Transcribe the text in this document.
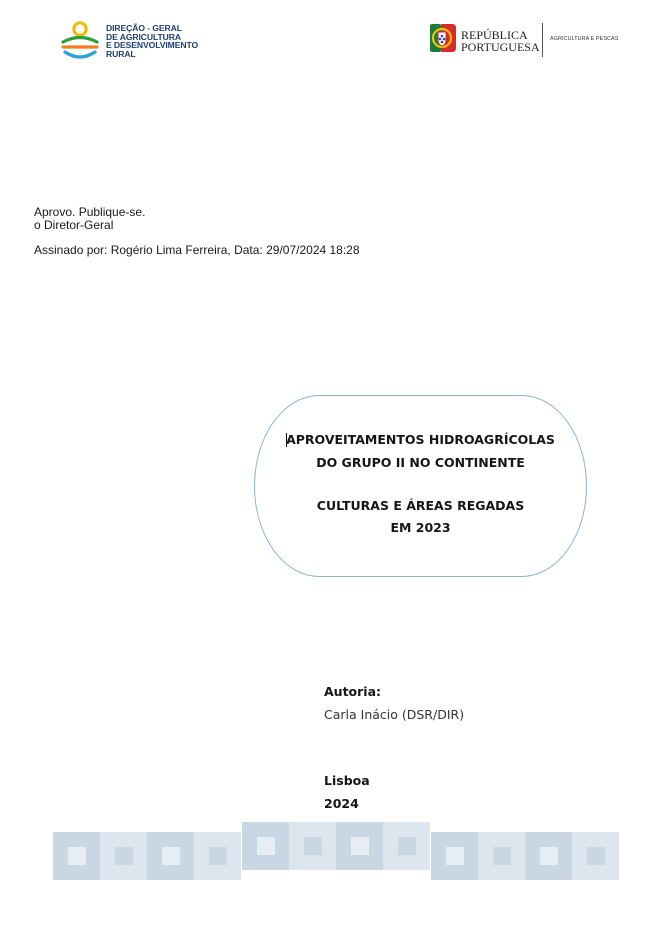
DIREÇÃO - GERAL
DE AGRICULTURA
E DESENVOLVIMENTO
RURAL
REPÚBLICA
PORTUGUESA
AGRICULTURA E PESCAS
Aprovo. Publique-se.
o Diretor-Geral
Assinado por: Rogério Lima Ferreira, Data: 29/07/2024 18:28
APROVEITAMENTOS HIDROAGRÍCOLAS
DO GRUPO II NO CONTINENTE
CULTURAS E ÁREAS REGADAS
EM 2023
Autoria:
Carla Inácio (DSR/DIR)
Lisboa
2024
